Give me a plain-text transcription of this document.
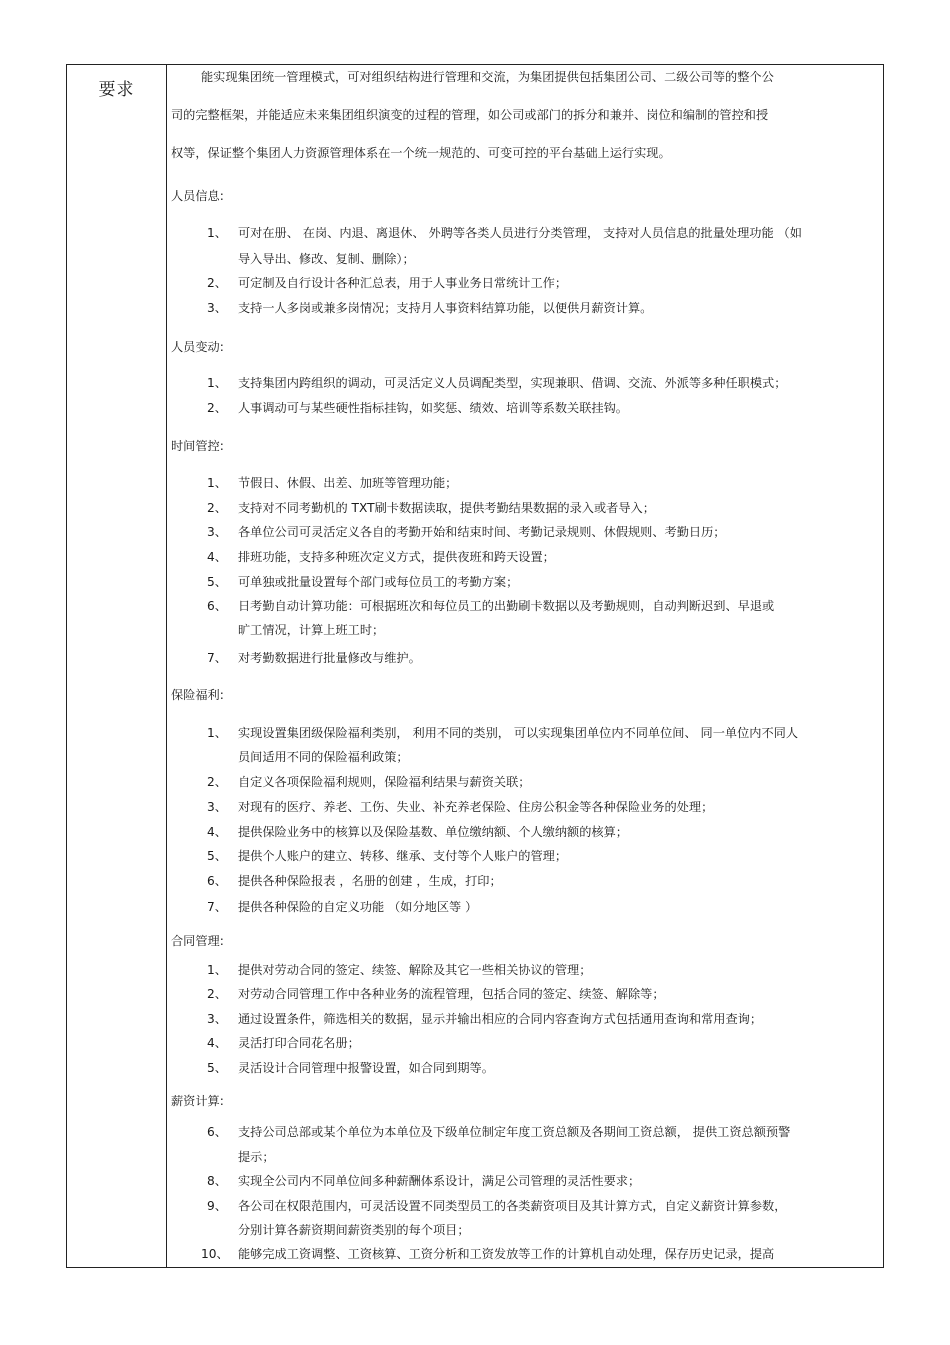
要求
能实现集团统一管理模式，可对组织结构进行管理和交流，为集团提供包括集团公司、二级公司等的整个公
司的完整框架，并能适应未来集团组织演变的过程的管理，如公司或部门的拆分和兼并、岗位和编制的管控和授
权等，保证整个集团人力资源管理体系在一个统一规范的、可变可控的平台基础上运行实现。
人员信息:
1、 可对在册、 在岗、内退、离退休、 外聘等各类人员进行分类管理， 支持对人员信息的批量处理功能 （如
导入导出、修改、复制、删除）；
2、 可定制及自行设计各种汇总表，用于人事业务日常统计工作；
3、 支持一人多岗或兼多岗情况；支持月人事资料结算功能，以便供月薪资计算。
人员变动:
1、 支持集团内跨组织的调动，可灵活定义人员调配类型，实现兼职、借调、交流、外派等多种任职模式；
2、 人事调动可与某些硬性指标挂钩，如奖惩、绩效、培训等系数关联挂钩。
时间管控:
1、 节假日、休假、出差、加班等管理功能；
2、 支持对不同考勤机的 TXT刷卡数据读取，提供考勤结果数据的录入或者导入；
3、 各单位公司可灵活定义各自的考勤开始和结束时间、考勤记录规则、休假规则、考勤日历；
4、 排班功能，支持多种班次定义方式，提供夜班和跨天设置；
5、 可单独或批量设置每个部门或每位员工的考勤方案；
6、 日考勤自动计算功能：可根据班次和每位员工的出勤刷卡数据以及考勤规则，自动判断迟到、早退或
旷工情况，计算上班工时；
7、 对考勤数据进行批量修改与维护。
保险福利:
1、 实现设置集团级保险福利类别， 利用不同的类别， 可以实现集团单位内不同单位间、 同一单位内不同人
员间适用不同的保险福利政策；
2、 自定义各项保险福利规则，保险福利结果与薪资关联；
3、 对现有的医疗、养老、工伤、失业、补充养老保险、住房公积金等各种保险业务的处理；
4、 提供保险业务中的核算以及保险基数、单位缴纳额、个人缴纳额的核算；
5、 提供个人账户的建立、转移、继承、支付等个人账户的管理；
6、 提供各种保险报表 ，名册的创建 ，生成，打印；
7、 提供各种保险的自定义功能 （如分地区等 ）
合同管理:
1、 提供对劳动合同的签定、续签、解除及其它一些相关协议的管理；
2、 对劳动合同管理工作中各种业务的流程管理，包括合同的签定、续签、解除等；
3、 通过设置条件，筛选相关的数据，显示并输出相应的合同内容查询方式包括通用查询和常用查询；
4、 灵活打印合同花名册；
5、 灵活设计合同管理中报警设置，如合同到期等。
薪资计算:
6、 支持公司总部或某个单位为本单位及下级单位制定年度工资总额及各期间工资总额， 提供工资总额预警
提示；
8、 实现全公司内不同单位间多种薪酬体系设计，满足公司管理的灵活性要求；
9、 各公司在权限范围内，可灵活设置不同类型员工的各类薪资项目及其计算方式，自定义薪资计算参数，
分别计算各薪资期间薪资类别的每个项目；
10、 能够完成工资调整、工资核算、工资分析和工资发放等工作的计算机自动处理，保存历史记录，提高
